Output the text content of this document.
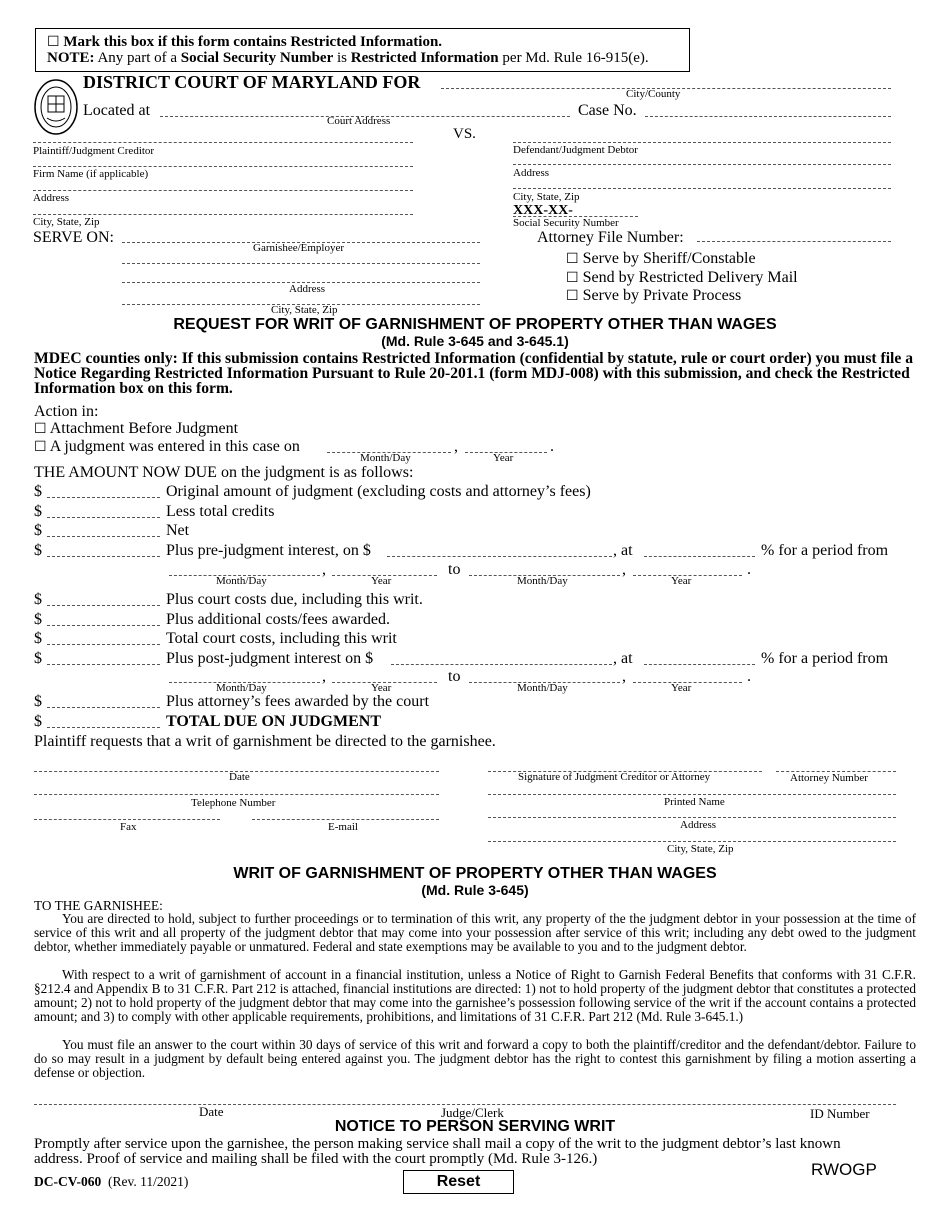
☐ Mark this box if this form contains Restricted Information.
NOTE: Any part of a Social Security Number is Restricted Information per Md. Rule 16-915(e).
DISTRICT COURT OF MARYLAND FOR
City/County
Located at
Court Address
Case No.
VS.
Plaintiff/Judgment Creditor
Firm Name (if applicable)
Address
City, State, Zip
Defendant/Judgment Debtor
Address
City, State, Zip
XXX-XX-
Social Security Number
SERVE ON:
Garnishee/Employer
Address
City, State, Zip
Attorney File Number:
☐ Serve by Sheriff/Constable
☐ Send by Restricted Delivery Mail
☐ Serve by Private Process
REQUEST FOR WRIT OF GARNISHMENT OF PROPERTY OTHER THAN WAGES
(Md. Rule 3-645 and 3-645.1)
MDEC counties only: If this submission contains Restricted Information (confidential by statute, rule or court order) you must file a Notice Regarding Restricted Information Pursuant to Rule 20-201.1 (form MDJ-008) with this submission, and check the Restricted Information box on this form.
Action in:
☐ Attachment Before Judgment
☐ A judgment was entered in this case on	,	.
Month/Day	Year
THE AMOUNT NOW DUE on the judgment is as follows:
$	Original amount of judgment (excluding costs and attorney’s fees)
$	Less total credits
$	Net
$	Plus pre-judgment interest, on $	, at	% for a period from
,	to	,	.
Month/Day	Year	Month/Day	Year
$	Plus court costs due, including this writ.
$	Plus additional costs/fees awarded.
$	Total court costs, including this writ
$	Plus post-judgment interest on $	, at	% for a period from
,	to	,	.
Month/Day	Year	Month/Day	Year
$	Plus attorney’s fees awarded by the court
$	TOTAL DUE ON JUDGMENT
Plaintiff requests that a writ of garnishment be directed to the garnishee.
Date
Telephone Number
Fax	E-mail
Signature of Judgment Creditor or Attorney	Attorney Number
Printed Name
Address
City, State, Zip
WRIT OF GARNISHMENT OF PROPERTY OTHER THAN WAGES
(Md. Rule 3-645)
TO THE GARNISHEE:
You are directed to hold, subject to further proceedings or to termination of this writ, any property of the the judgment debtor in your possession at the time of service of this writ and all property of the judgment debtor that may come into your possession after service of this writ; including any debt owed to the judgment debtor, whether immediately payable or unmatured. Federal and state exemptions may be available to you and to the judgment debtor.
With respect to a writ of garnishment of account in a financial institution, unless a Notice of Right to Garnish Federal Benefits that conforms with 31 C.F.R. §212.4 and Appendix B to 31 C.F.R. Part 212 is attached, financial institutions are directed: 1) not to hold property of the judgment debtor that constitutes a protected amount; 2) not to hold property of the judgment debtor that may come into the garnishee’s possession following service of the writ if the account contains a protected amount; and 3) to comply with other applicable requirements, prohibitions, and limitations of 31 C.F.R. Part 212 (Md. Rule 3-645.1.)
You must file an answer to the court within 30 days of service of this writ and forward a copy to both the plaintiff/creditor and the defendant/debtor. Failure to do so may result in a judgment by default being entered against you. The judgment debtor has the right to contest this garnishment by filing a motion asserting a defense or objection.
Date	Judge/Clerk	ID Number
NOTICE TO PERSON SERVING WRIT
Promptly after service upon the garnishee, the person making service shall mail a copy of the writ to the judgment debtor’s last known address. Proof of service and mailing shall be filed with the court promptly (Md. Rule 3-126.)
DC-CV-060 (Rev. 11/2021)	Reset
RWOGP
